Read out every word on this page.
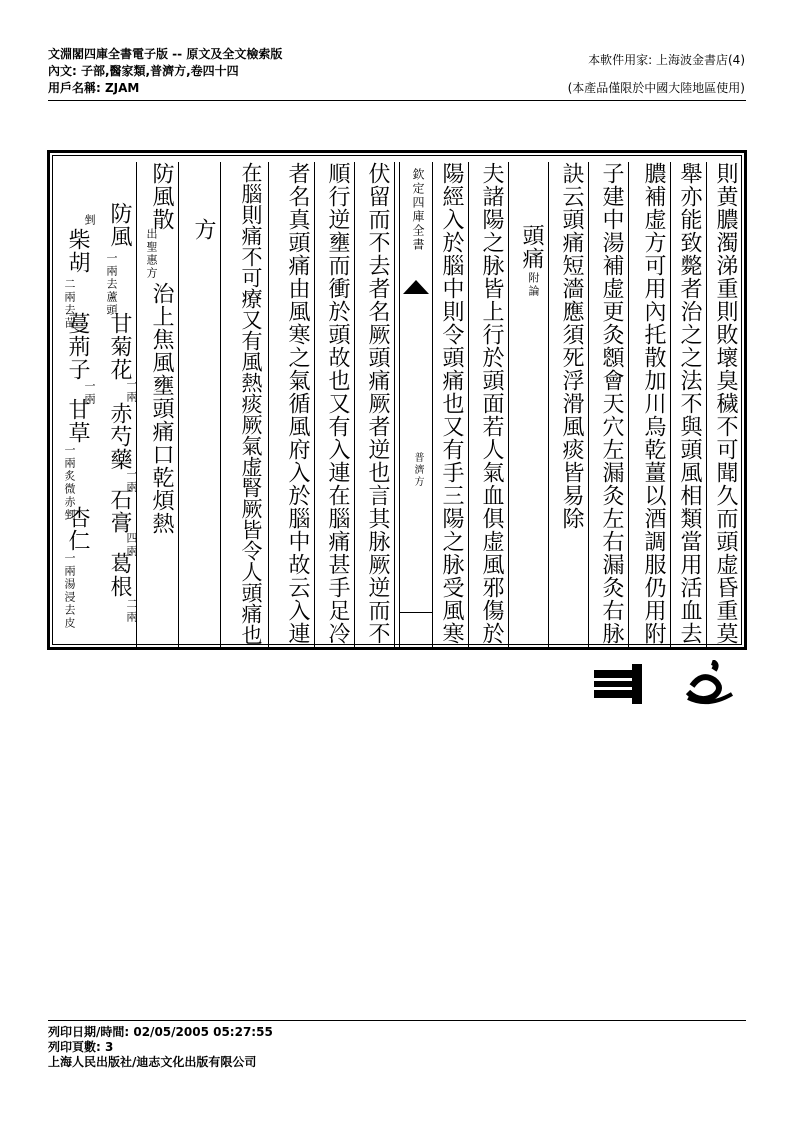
文淵閣四庫全書電子版 -- 原文及全文檢索版
內文: 子部,醫家類,普濟方,卷四十四
用戶名稱: ZJAM
本軟件用家: 上海波金書店(4)
(本產品僅限於中國大陸地區使用)
則黄膿濁涕重則敗壞臭穢不可聞久而頭虚昏重莫
舉亦能致斃者治之之法不與頭風相類當用活血去
膿補虚方可用內托散加川烏乾薑以酒調服仍用附
子建中湯補虚更灸顖會天穴左漏灸左右漏灸右脉
訣云頭痛短濇應須死浮滑風痰皆易除
頭痛
附論
夫諸陽之脉皆上行於頭面若人氣血俱虚風邪傷於
陽經入於腦中則令頭痛也又有手三陽之脉受風寒
欽定四庫全書
普濟方
伏留而不去者名厥頭痛厥者逆也言其脉厥逆而不
順行逆壅而衝於頭故也又有入連在腦痛甚手足冷
者名真頭痛由風寒之氣循風府入於腦中故云入連
在腦則痛不可療又有風熱痰厥氣虚腎厥皆令人頭痛也
方
防風散
出聖惠方
治上焦風壅頭痛口乾煩熱
防風
一兩去蘆頭
甘菊花
一兩
赤芍藥
一兩
石膏
四兩
葛根
二兩
剉
柴胡
二兩去苗
蔓荊子
一兩
甘草
一兩炙微赤剉
杏仁
一兩湯浸去皮
列印日期/時間: 02/05/2005 05:27:55
列印頁數: 3
上海人民出版社/迪志文化出版有限公司
